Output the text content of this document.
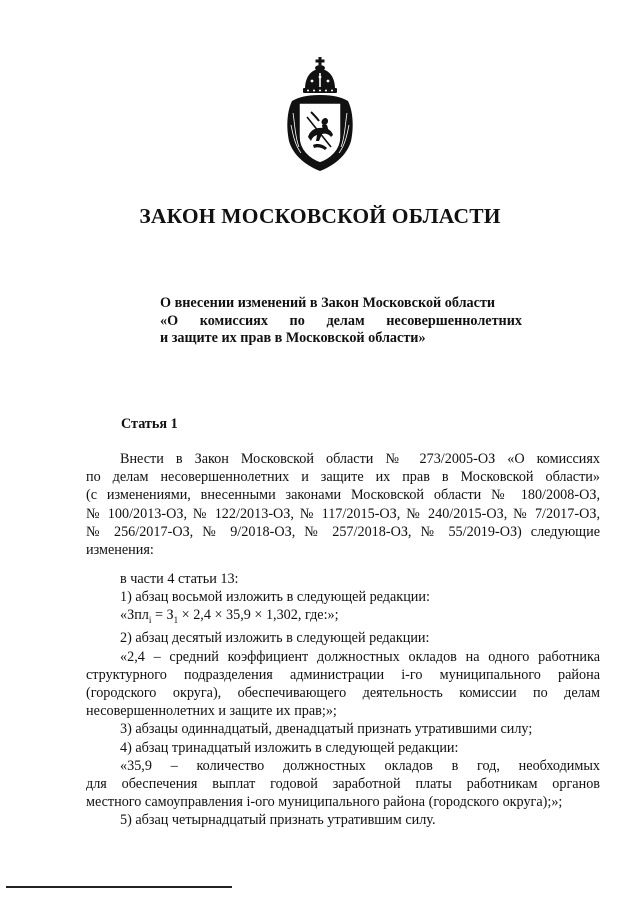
ЗАКОН МОСКОВСКОЙ ОБЛАСТИ
О внесении изменений в Закон Московской области
«О комиссиях по делам несовершеннолетних
и защите их прав в Московской области»
Статья 1
Внести в Закон Московской области № 273/2005-ОЗ «О комиссиях
по делам несовершеннолетних и защите их прав в Московской области»
(с изменениями, внесенными законами Московской области № 180/2008-ОЗ,
№ 100/2013-ОЗ, № 122/2013-ОЗ, № 117/2015-ОЗ, № 240/2015-ОЗ, № 7/2017-ОЗ,
№ 256/2017-ОЗ, № 9/2018-ОЗ, № 257/2018-ОЗ, № 55/2019-ОЗ) следующие
изменения:
в части 4 статьи 13:
1) абзац восьмой изложить в следующей редакции:
«$Зпл_i = З_1 \times 2,4 \times 35,9 \times 1,302$, где:»;
2) абзац десятый изложить в следующей редакции:
«2,4 – средний коэффициент должностных окладов на одного работника
структурного подразделения администрации i-го муниципального района
(городского округа), обеспечивающего деятельность комиссии по делам
несовершеннолетних и защите их прав;»;
3) абзацы одиннадцатый, двенадцатый признать утратившими силу;
4) абзац тринадцатый изложить в следующей редакции:
«35,9 – количество должностных окладов в год, необходимых
для обеспечения выплат годовой заработной платы работникам органов
местного самоуправления i-ого муниципального района (городского округа);»;
5) абзац четырнадцатый признать утратившим силу.
